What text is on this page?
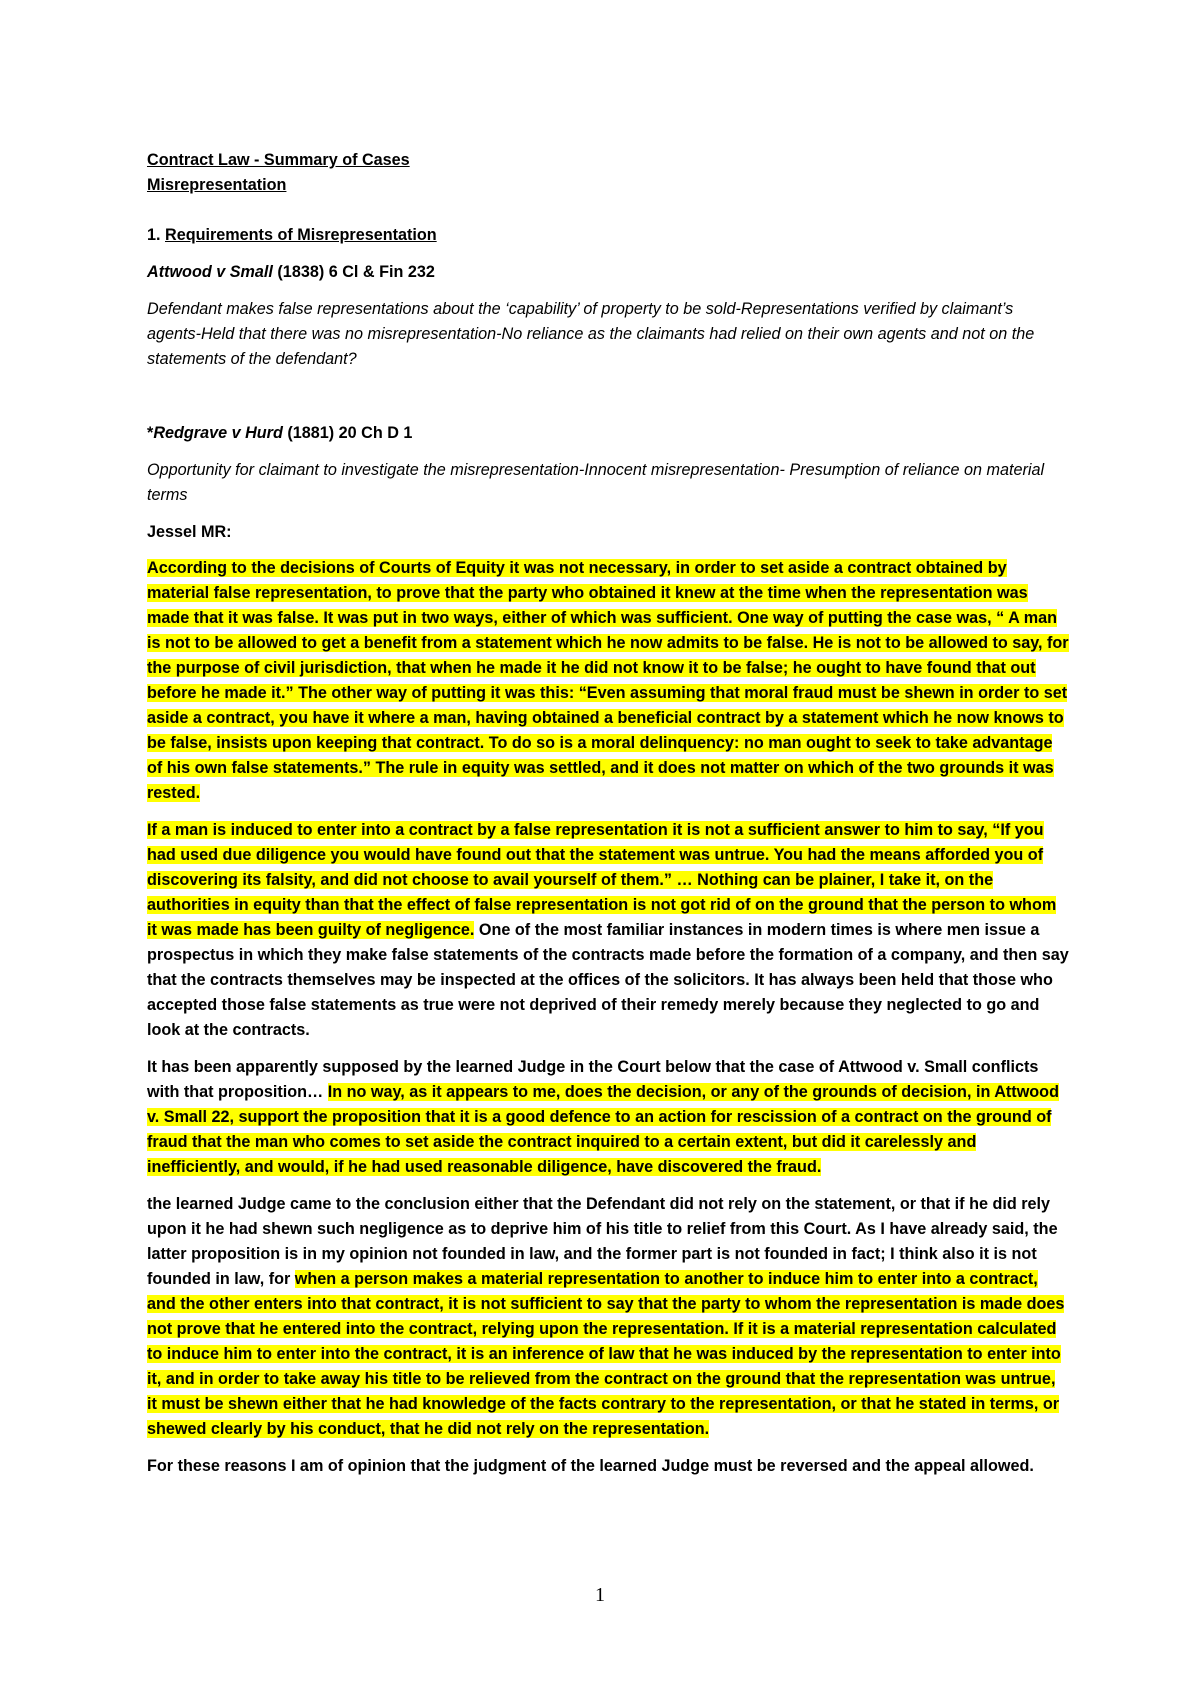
Contract Law - Summary of Cases

Misrepresentation

1. Requirements of Misrepresentation

Attwood v Small (1838) 6 Cl & Fin 232

Defendant makes false representations about the ‘capability’ of property to be sold-Representations verified by claimant’s agents-Held that there was no misrepresentation-No reliance as the claimants had relied on their own agents and not on the statements of the defendant?

*Redgrave v Hurd (1881) 20 Ch D 1

Opportunity for claimant to investigate the misrepresentation-Innocent misrepresentation- Presumption of reliance on material terms

Jessel MR:

According to the decisions of Courts of Equity it was not necessary, in order to set aside a contract obtained by material false representation, to prove that the party who obtained it knew at the time when the representation was made that it was false. It was put in two ways, either of which was sufficient. One way of putting the case was, “ A man is not to be allowed to get a benefit from a statement which he now admits to be false. He is not to be allowed to say, for the purpose of civil jurisdiction, that when he made it he did not know it to be false; he ought to have found that out before he made it.” The other way of putting it was this: “Even assuming that moral fraud must be shewn in order to set aside a contract, you have it where a man, having obtained a beneficial contract by a statement which he now knows to be false, insists upon keeping that contract. To do so is a moral delinquency: no man ought to seek to take advantage of his own false statements.” The rule in equity was settled, and it does not matter on which of the two grounds it was rested.

If a man is induced to enter into a contract by a false representation it is not a sufficient answer to him to say, “If you had used due diligence you would have found out that the statement was untrue. You had the means afforded you of discovering its falsity, and did not choose to avail yourself of them.” … Nothing can be plainer, I take it, on the authorities in equity than that the effect of false representation is not got rid of on the ground that the person to whom it was made has been guilty of negligence. One of the most familiar instances in modern times is where men issue a prospectus in which they make false statements of the contracts made before the formation of a company, and then say that the contracts themselves may be inspected at the offices of the solicitors. It has always been held that those who accepted those false statements as true were not deprived of their remedy merely because they neglected to go and look at the contracts.

It has been apparently supposed by the learned Judge in the Court below that the case of Attwood v. Small conflicts with that proposition… In no way, as it appears to me, does the decision, or any of the grounds of decision, in Attwood v. Small 22, support the proposition that it is a good defence to an action for rescission of a contract on the ground of fraud that the man who comes to set aside the contract inquired to a certain extent, but did it carelessly and inefficiently, and would, if he had used reasonable diligence, have discovered the fraud.

the learned Judge came to the conclusion either that the Defendant did not rely on the statement, or that if he did rely upon it he had shewn such negligence as to deprive him of his title to relief from this Court. As I have already said, the latter proposition is in my opinion not founded in law, and the former part is not founded in fact; I think also it is not founded in law, for when a person makes a material representation to another to induce him to enter into a contract, and the other enters into that contract, it is not sufficient to say that the party to whom the representation is made does not prove that he entered into the contract, relying upon the representation. If it is a material representation calculated to induce him to enter into the contract, it is an inference of law that he was induced by the representation to enter into it, and in order to take away his title to be relieved from the contract on the ground that the representation was untrue, it must be shewn either that he had knowledge of the facts contrary to the representation, or that he stated in terms, or shewed clearly by his conduct, that he did not rely on the representation.

For these reasons I am of opinion that the judgment of the learned Judge must be reversed and the appeal allowed.

1
